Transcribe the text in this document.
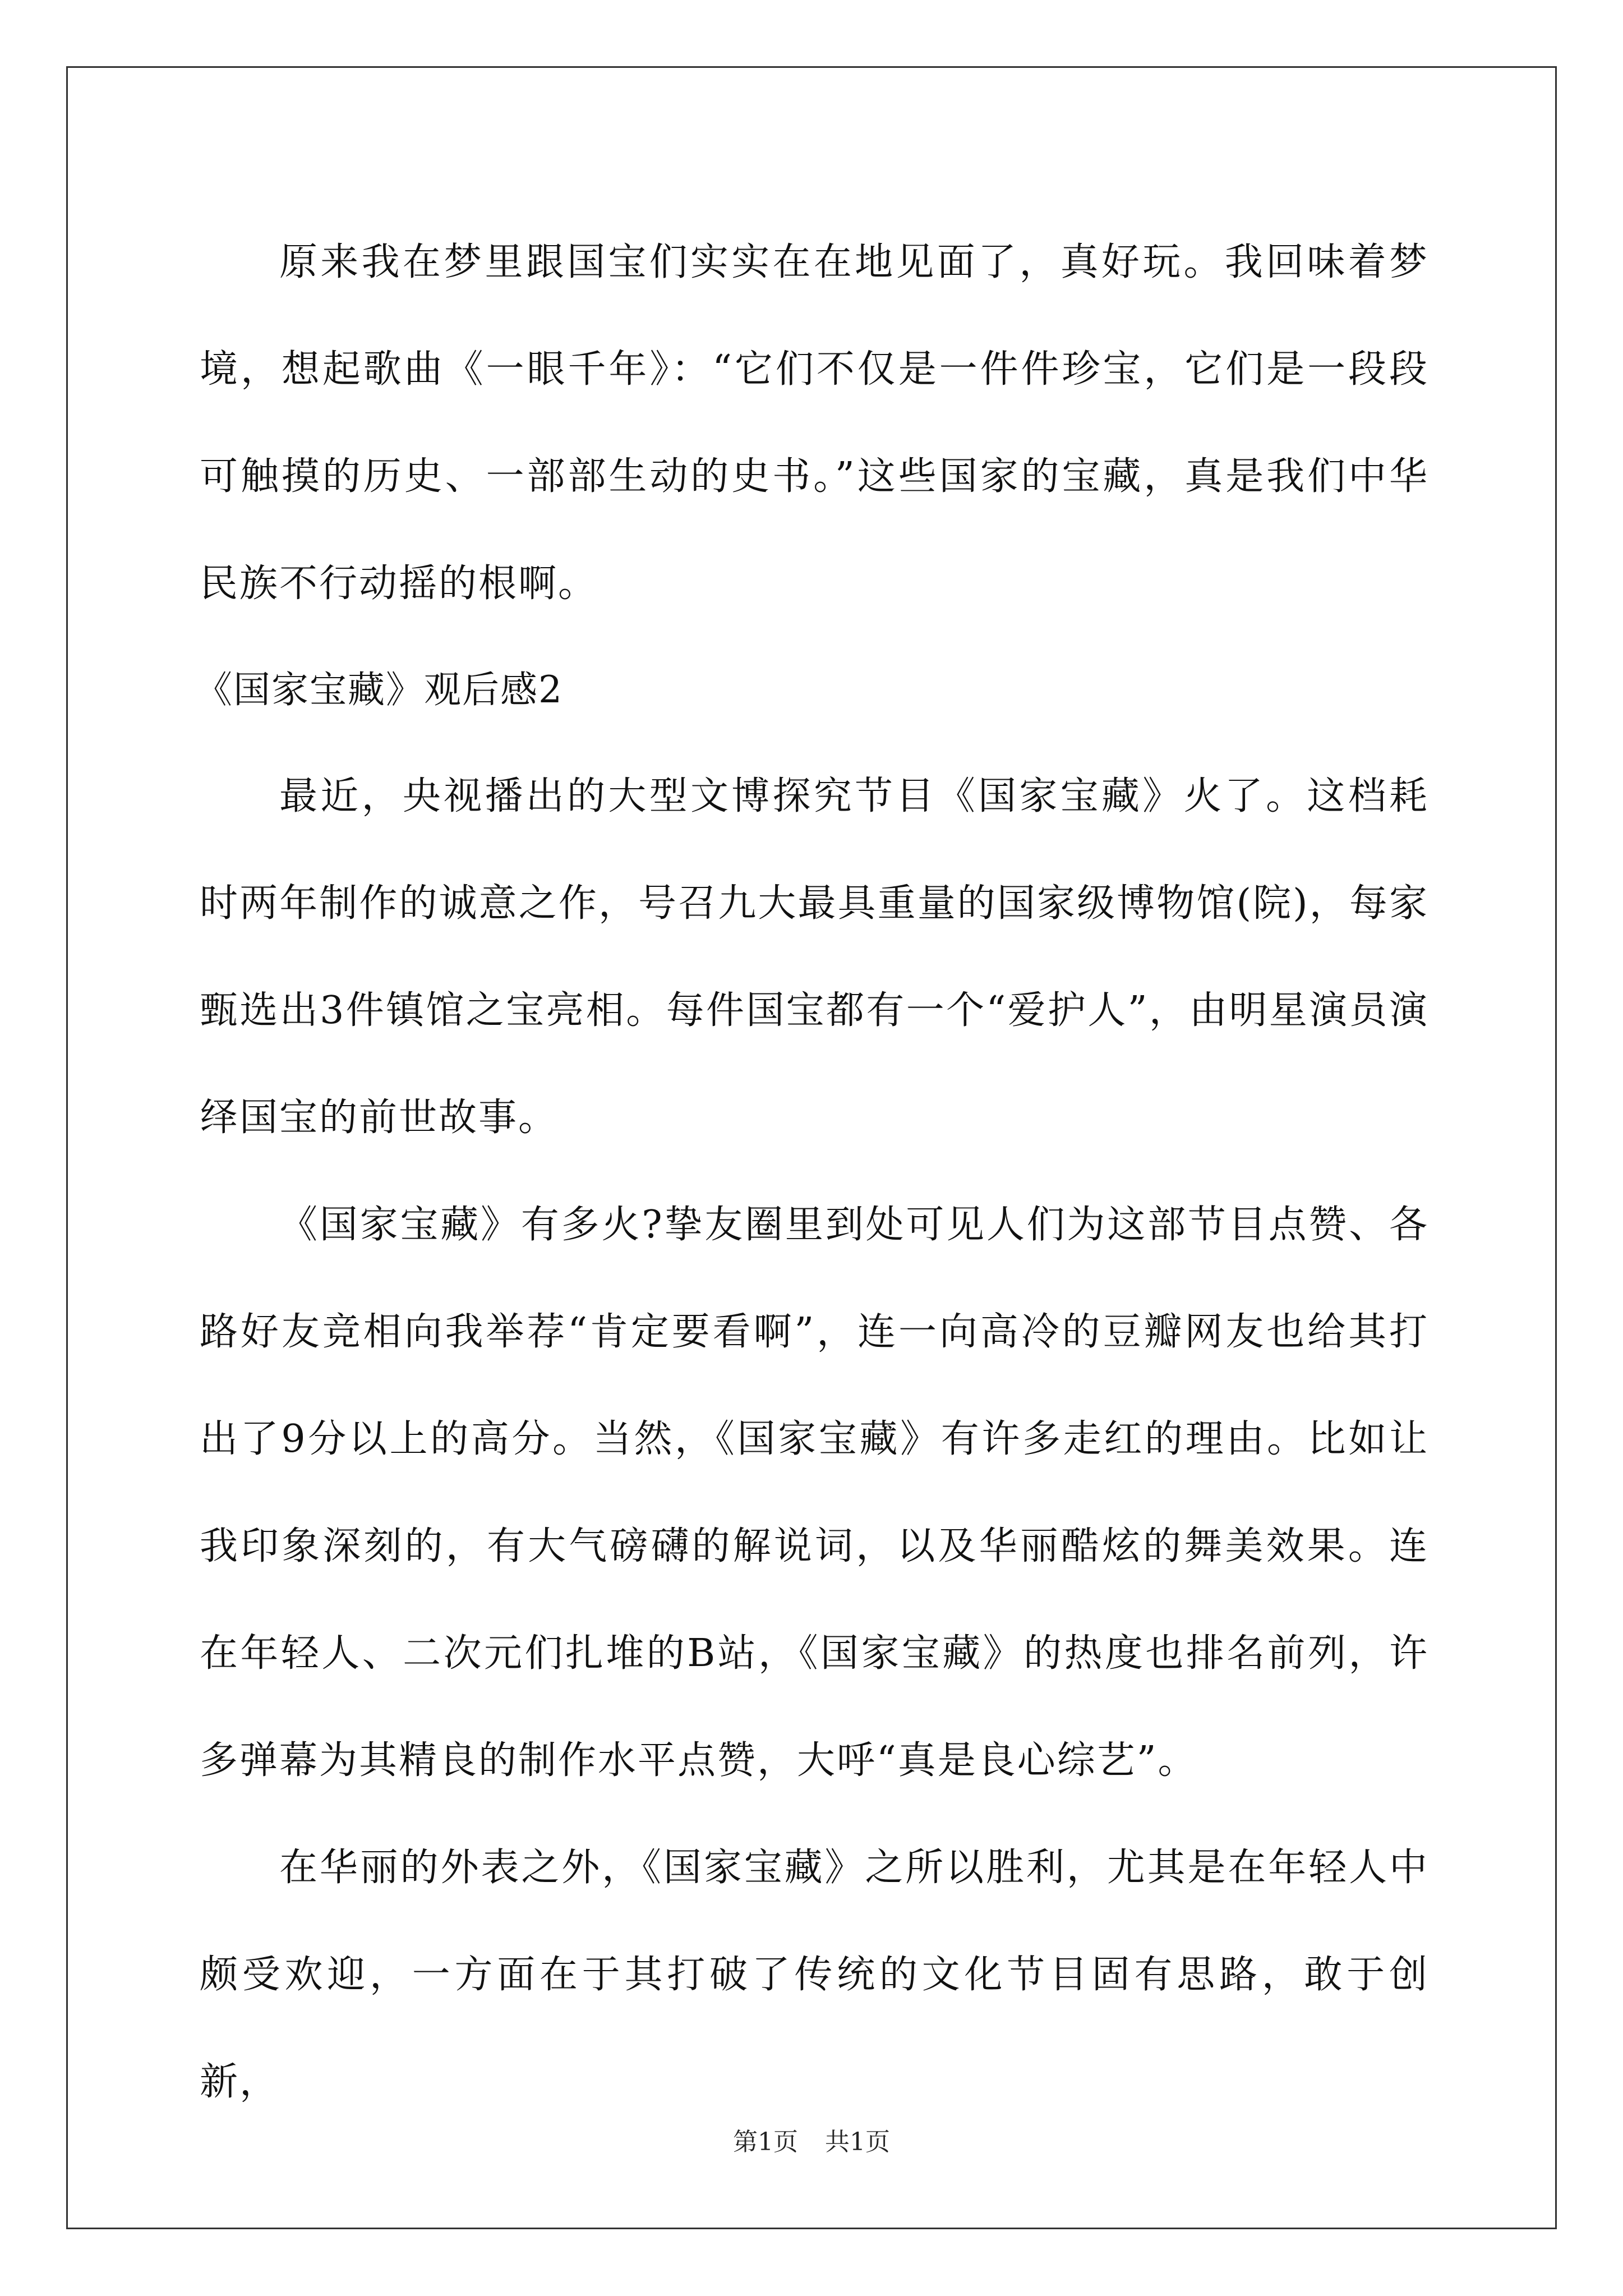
原来我在梦里跟国宝们实实在在地见面了，真好玩。我回味着梦境，想起歌曲《一眼千年》：“它们不仅是一件件珍宝，它们是一段段可触摸的历史、一部部生动的史书。”这些国家的宝藏，真是我们中华民族不行动摇的根啊。

《国家宝藏》观后感2

最近，央视播出的大型文博探究节目《国家宝藏》火了。这档耗时两年制作的诚意之作，号召九大最具重量的国家级博物馆(院)，每家甄选出3件镇馆之宝亮相。每件国宝都有一个“爱护人”，由明星演员演绎国宝的前世故事。

《国家宝藏》有多火?挚友圈里到处可见人们为这部节目点赞、各路好友竞相向我举荐“肯定要看啊”，连一向高冷的豆瓣网友也给其打出了9分以上的高分。当然，《国家宝藏》有许多走红的理由。比如让我印象深刻的，有大气磅礴的解说词，以及华丽酷炫的舞美效果。连在年轻人、二次元们扎堆的B站，《国家宝藏》的热度也排名前列，许多弹幕为其精良的制作水平点赞，大呼“真是良心综艺”。

在华丽的外表之外，《国家宝藏》之所以胜利，尤其是在年轻人中颇受欢迎，一方面在于其打破了传统的文化节目固有思路，敢于创新，

第1页 共1页
